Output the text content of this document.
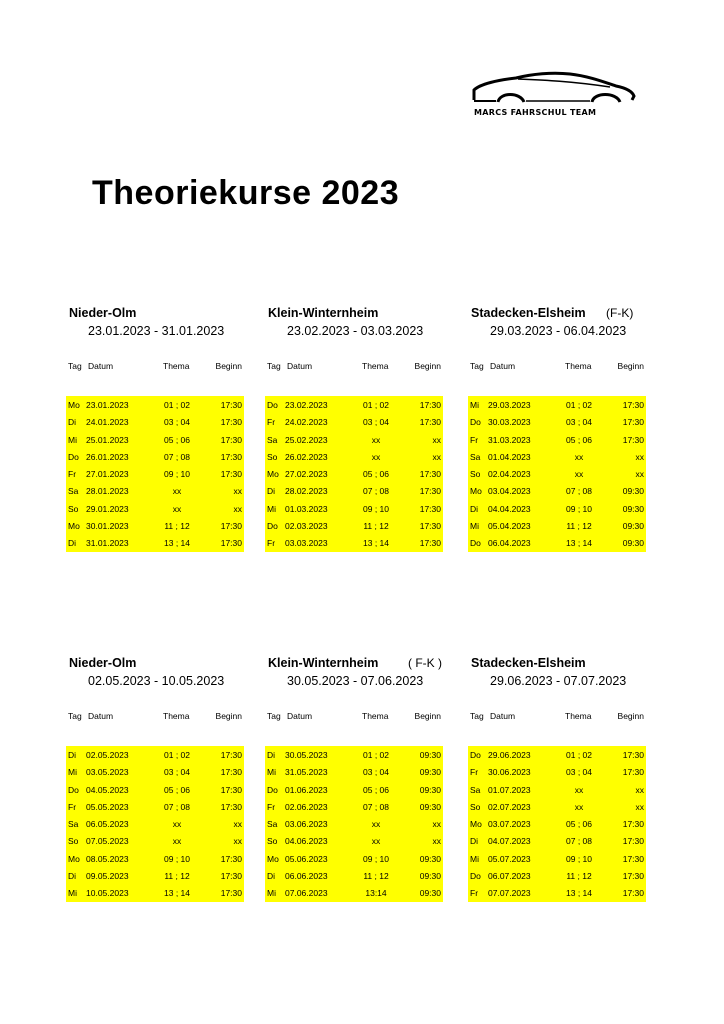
MARCS FAHRSCHUL TEAM
Theoriekurse 2023
Nieder-Olm
23.01.2023 - 31.01.2023
Tag Datum	Thema	Beginn
Mo 23.01.2023	01 ; 02	17:30
Di 24.01.2023	03 ; 04	17:30
Mi 25.01.2023	05 ; 06	17:30
Do 26.01.2023	07 ; 08	17:30
Fr 27.01.2023	09 ; 10	17:30
Sa 28.01.2023	xx	xx
So 29.01.2023	xx	xx
Mo 30.01.2023	11 ; 12	17:30
Di 31.01.2023	13 ; 14	17:30
Klein-Winternheim
23.02.2023 - 03.03.2023
Tag Datum	Thema	Beginn
Do 23.02.2023	01 ; 02	17:30
Fr 24.02.2023	03 ; 04	17:30
Sa 25.02.2023	xx	xx
So 26.02.2023	xx	xx
Mo 27.02.2023	05 ; 06	17:30
Di 28.02.2023	07 ; 08	17:30
Mi 01.03.2023	09 ; 10	17:30
Do 02.03.2023	11 ; 12	17:30
Fr 03.03.2023	13 ; 14	17:30
Stadecken-Elsheim (F-K)
29.03.2023 - 06.04.2023
Tag Datum	Thema	Beginn
Mi 29.03.2023	01 ; 02	17:30
Do 30.03.2023	03 ; 04	17:30
Fr 31.03.2023	05 ; 06	17:30
Sa 01.04.2023	xx	xx
So 02.04.2023	xx	xx
Mo 03.04.2023	07 ; 08	09:30
Di 04.04.2023	09 ; 10	09:30
Mi 05.04.2023	11 ; 12	09:30
Do 06.04.2023	13 ; 14	09:30
Nieder-Olm
02.05.2023 - 10.05.2023
Tag Datum	Thema	Beginn
Di 02.05.2023	01 ; 02	17:30
Mi 03.05.2023	03 ; 04	17:30
Do 04.05.2023	05 ; 06	17:30
Fr 05.05.2023	07 ; 08	17:30
Sa 06.05.2023	xx	xx
So 07.05.2023	xx	xx
Mo 08.05.2023	09 ; 10	17:30
Di 09.05.2023	11 ; 12	17:30
Mi 10.05.2023	13 ; 14	17:30
Klein-Winternheim ( F-K )
30.05.2023 - 07.06.2023
Tag Datum	Thema	Beginn
Di 30.05.2023	01 ; 02	09:30
Mi 31.05.2023	03 ; 04	09:30
Do 01.06.2023	05 ; 06	09:30
Fr 02.06.2023	07 ; 08	09:30
Sa 03.06.2023	xx	xx
So 04.06.2023	xx	xx
Mo 05.06.2023	09 ; 10	09:30
Di 06.06.2023	11 ; 12	09:30
Mi 07.06.2023	13:14	09:30
Stadecken-Elsheim
29.06.2023 - 07.07.2023
Tag Datum	Thema	Beginn
Do 29.06.2023	01 ; 02	17:30
Fr 30.06.2023	03 ; 04	17:30
Sa 01.07.2023	xx	xx
So 02.07.2023	xx	xx
Mo 03.07.2023	05 ; 06	17:30
Di 04.07.2023	07 ; 08	17:30
Mi 05.07.2023	09 ; 10	17:30
Do 06.07.2023	11 ; 12	17:30
Fr 07.07.2023	13 ; 14	17:30
